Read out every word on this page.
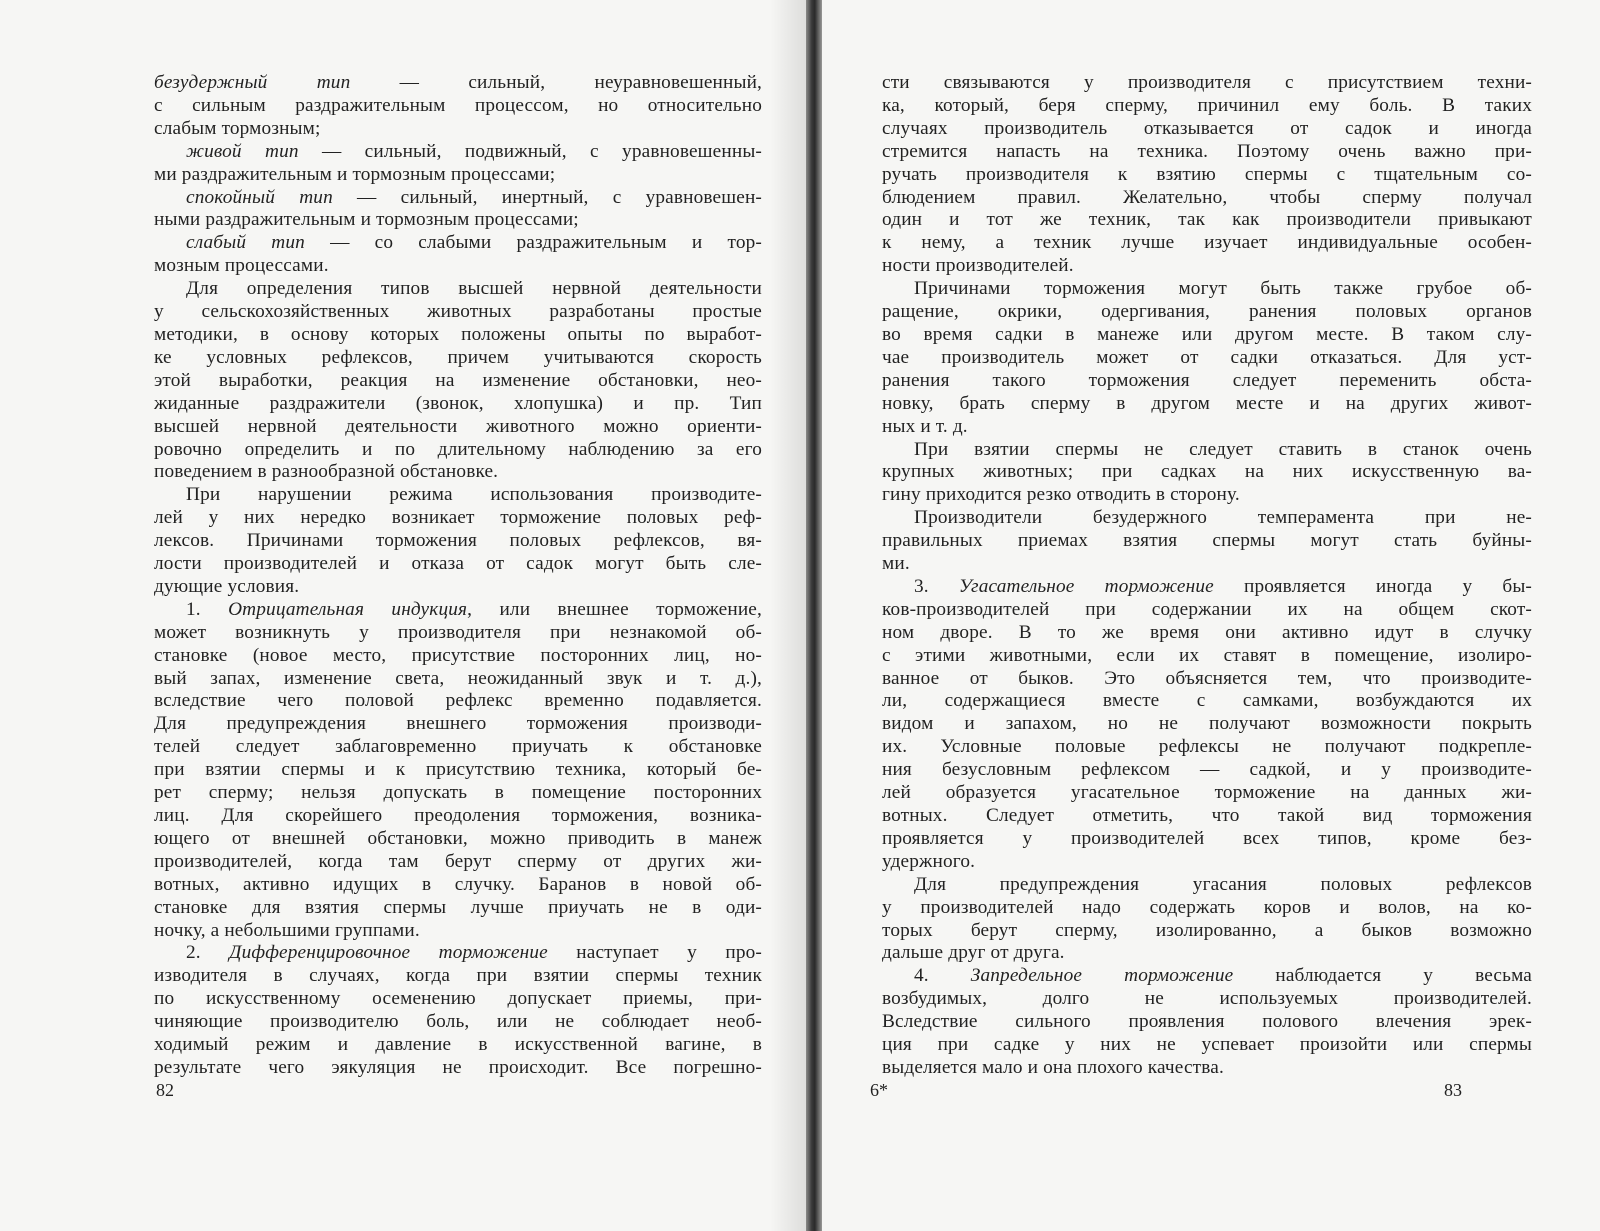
безудержный тип — сильный, неуравновешенный,
с сильным раздражительным процессом, но относительно
слабым тормозным;
живой тип — сильный, подвижный, с уравновешенны-
ми раздражительным и тормозным процессами;
спокойный тип — сильный, инертный, с уравновешен-
ными раздражительным и тормозным процессами;
слабый тип — со слабыми раздражительным и тор-
мозным процессами.
Для определения типов высшей нервной деятельности
у сельскохозяйственных животных разработаны простые
методики, в основу которых положены опыты по выработ-
ке условных рефлексов, причем учитываются скорость
этой выработки, реакция на изменение обстановки, нео-
жиданные раздражители (звонок, хлопушка) и пр. Тип
высшей нервной деятельности животного можно ориенти-
ровочно определить и по длительному наблюдению за его
поведением в разнообразной обстановке.
При нарушении режима использования производите-
лей у них нередко возникает торможение половых реф-
лексов. Причинами торможения половых рефлексов, вя-
лости производителей и отказа от садок могут быть сле-
дующие условия.
1. Отрицательная индукция, или внешнее торможение,
может возникнуть у производителя при незнакомой об-
становке (новое место, присутствие посторонних лиц, но-
вый запах, изменение света, неожиданный звук и т. д.),
вследствие чего половой рефлекс временно подавляется.
Для предупреждения внешнего торможения производи-
телей следует заблаговременно приучать к обстановке
при взятии спермы и к присутствию техника, который бе-
рет сперму; нельзя допускать в помещение посторонних
лиц. Для скорейшего преодоления торможения, возника-
ющего от внешней обстановки, можно приводить в манеж
производителей, когда там берут сперму от других жи-
вотных, активно идущих в случку. Баранов в новой об-
становке для взятия спермы лучше приучать не в оди-
ночку, а небольшими группами.
2. Дифференцировочное торможение наступает у про-
изводителя в случаях, когда при взятии спермы техник
по искусственному осеменению допускает приемы, при-
чиняющие производителю боль, или не соблюдает необ-
ходимый режим и давление в искусственной вагине, в
результате чего эякуляция не происходит. Все погрешно-
82
сти связываются у производителя с присутствием техни-
ка, который, беря сперму, причинил ему боль. В таких
случаях производитель отказывается от садок и иногда
стремится напасть на техника. Поэтому очень важно при-
ручать производителя к взятию спермы с тщательным со-
блюдением правил. Желательно, чтобы сперму получал
один и тот же техник, так как производители привыкают
к нему, а техник лучше изучает индивидуальные особен-
ности производителей.
Причинами торможения могут быть также грубое об-
ращение, окрики, одергивания, ранения половых органов
во время садки в манеже или другом месте. В таком слу-
чае производитель может от садки отказаться. Для уст-
ранения такого торможения следует переменить обста-
новку, брать сперму в другом месте и на других живот-
ных и т. д.
При взятии спермы не следует ставить в станок очень
крупных животных; при садках на них искусственную ва-
гину приходится резко отводить в сторону.
Производители безудержного темперамента при не-
правильных приемах взятия спермы могут стать буйны-
ми.
3. Угасательное торможение проявляется иногда у бы-
ков-производителей при содержании их на общем скот-
ном дворе. В то же время они активно идут в случку
с этими животными, если их ставят в помещение, изолиро-
ванное от быков. Это объясняется тем, что производите-
ли, содержащиеся вместе с самками, возбуждаются их
видом и запахом, но не получают возможности покрыть
их. Условные половые рефлексы не получают подкрепле-
ния безусловным рефлексом — садкой, и у производите-
лей образуется угасательное торможение на данных жи-
вотных. Следует отметить, что такой вид торможения
проявляется у производителей всех типов, кроме без-
удержного.
Для предупреждения угасания половых рефлексов
у производителей надо содержать коров и волов, на ко-
торых берут сперму, изолированно, а быков возможно
дальше друг от друга.
4. Запредельное торможение наблюдается у весьма
возбудимых, долго не используемых производителей.
Вследствие сильного проявления полового влечения эрек-
ция при садке у них не успевает произойти или спермы
выделяется мало и она плохого качества.
6*	83
